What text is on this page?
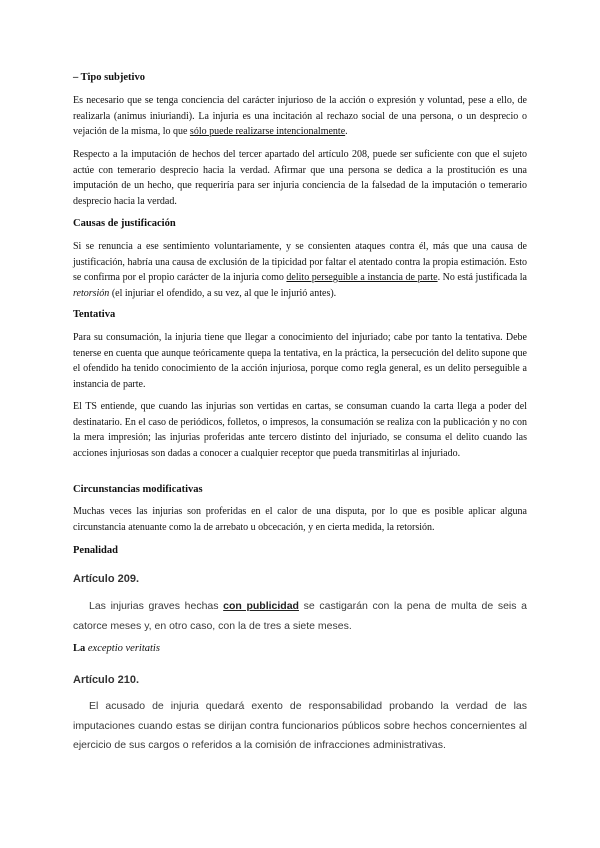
– Tipo subjetivo
Es necesario que se tenga conciencia del carácter injurioso de la acción o expresión y voluntad, pese a ello, de realizarla (animus iniuriandi). La injuria es una incitación al rechazo social de una persona, o un desprecio o vejación de la misma, lo que sólo puede realizarse intencionalmente.
Respecto a la imputación de hechos del tercer apartado del artículo 208, puede ser suficiente con que el sujeto actúe con temerario desprecio hacia la verdad. Afirmar que una persona se dedica a la prostitución es una imputación de un hecho, que requeriría para ser injuria conciencia de la falsedad de la imputación o temerario desprecio hacia la verdad.
Causas de justificación
Si se renuncia a ese sentimiento voluntariamente, y se consienten ataques contra él, más que una causa de justificación, habría una causa de exclusión de la tipicidad por faltar el atentado contra la propia estimación. Esto se confirma por el propio carácter de la injuria como delito perseguible a instancia de parte. No está justificada la retorsión (el injuriar el ofendido, a su vez, al que le injurió antes).
Tentativa
Para su consumación, la injuria tiene que llegar a conocimiento del injuriado; cabe por tanto la tentativa. Debe tenerse en cuenta que aunque teóricamente quepa la tentativa, en la práctica, la persecución del delito supone que el ofendido ha tenido conocimiento de la acción injuriosa, porque como regla general, es un delito perseguible a instancia de parte.
El TS entiende, que cuando las injurias son vertidas en cartas, se consuman cuando la carta llega a poder del destinatario. En el caso de periódicos, folletos, o impresos, la consumación se realiza con la publicación y no con la mera impresión; las injurias proferidas ante tercero distinto del injuriado, se consuma el delito cuando las acciones injuriosas son dadas a conocer a cualquier receptor que pueda transmitirlas al injuriado.
Circunstancias modificativas
Muchas veces las injurias son proferidas en el calor de una disputa, por lo que es posible aplicar alguna circunstancia atenuante como la de arrebato u obcecación, y en cierta medida, la retorsión.
Penalidad
Artículo 209.
Las injurias graves hechas con publicidad se castigarán con la pena de multa de seis a catorce meses y, en otro caso, con la de tres a siete meses.
La exceptio veritatis
Artículo 210.
El acusado de injuria quedará exento de responsabilidad probando la verdad de las imputaciones cuando estas se dirijan contra funcionarios públicos sobre hechos concernientes al ejercicio de sus cargos o referidos a la comisión de infracciones administrativas.
